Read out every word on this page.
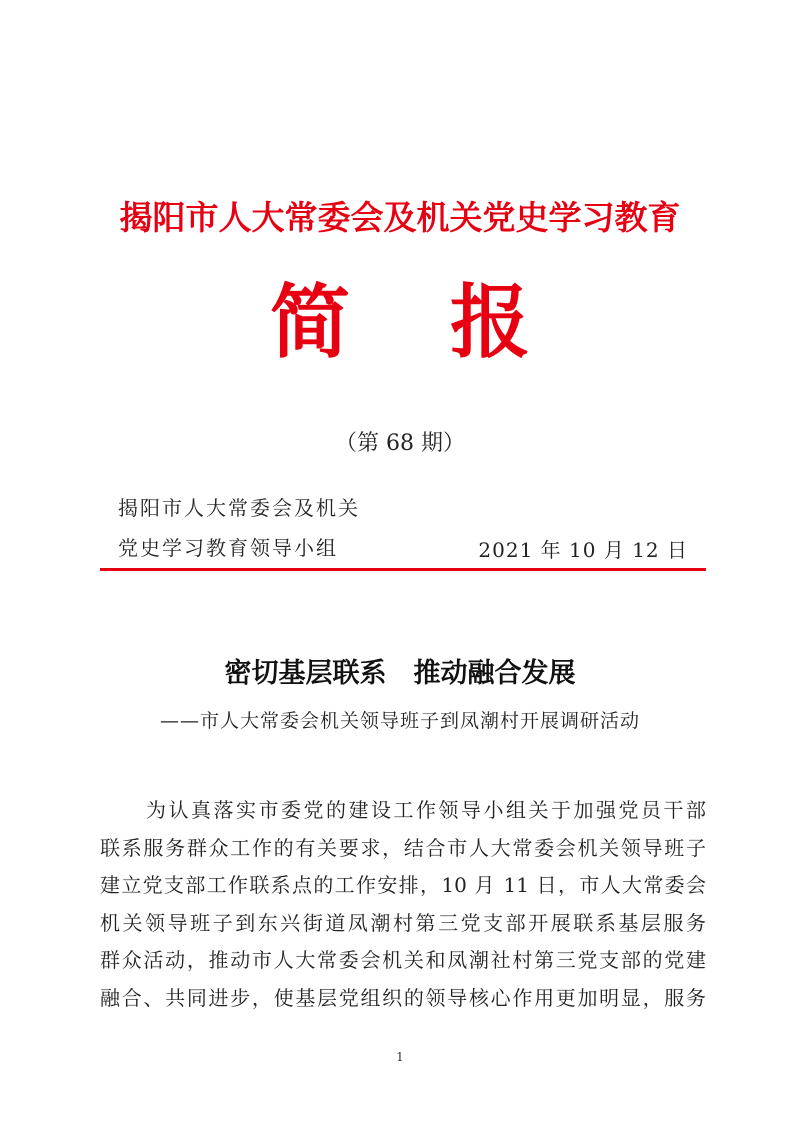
揭阳市人大常委会及机关党史学习教育
简 报
（第 68 期）
揭阳市人大常委会及机关
党史学习教育领导小组	2021 年 10 月 12 日
密切基层联系　推动融合发展
——市人大常委会机关领导班子到凤潮村开展调研活动
为认真落实市委党的建设工作领导小组关于加强党员干部
联系服务群众工作的有关要求，结合市人大常委会机关领导班子
建立党支部工作联系点的工作安排，10 月 11 日，市人大常委会
机关领导班子到东兴街道凤潮村第三党支部开展联系基层服务
群众活动，推动市人大常委会机关和凤潮社村第三党支部的党建
融合、共同进步，使基层党组织的领导核心作用更加明显，服务
1
